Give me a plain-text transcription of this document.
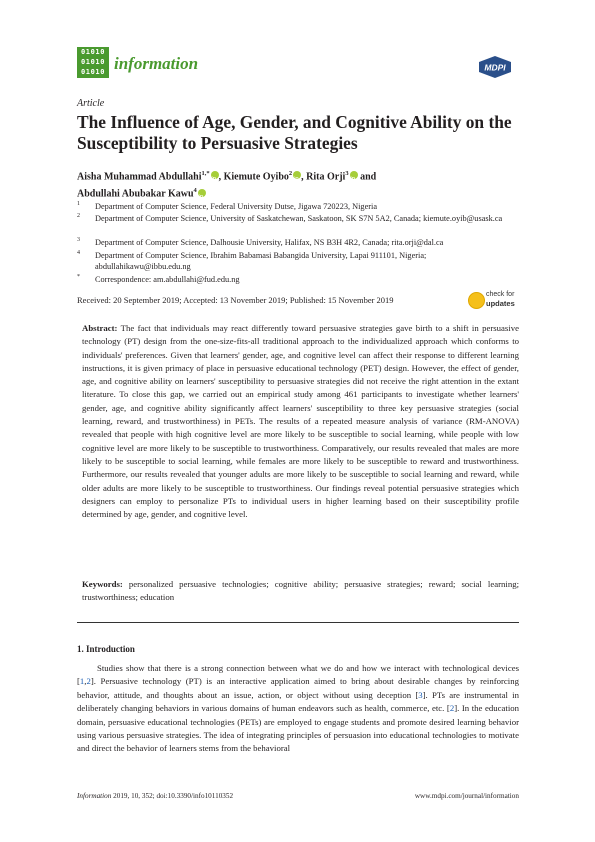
01010
01010
01010 information	MDPI
Article
The Influence of Age, Gender, and Cognitive Ability on the Susceptibility to Persuasive Strategies
Aisha Muhammad Abdullahi$^{1,*}$ iD , Kiemute Oyibo$^2$ iD , Rita Orji$^3$iD and
Abdullahi Abubakar Kawu$^4$iD
1 Department of Computer Science, Federal University Dutse, Jigawa 720223, Nigeria
2 Department of Computer Science, University of Saskatchewan, Saskatoon, SK S7N 5A2, Canada; kiemute.oyib@usask.ca
3 Department of Computer Science, Dalhousie University, Halifax, NS B3H 4R2, Canada; rita.orji@dal.ca
4 Department of Computer Science, Ibrahim Babamasi Babangida University, Lapai 911101, Nigeria; abdullahikawu@ibbu.edu.ng
* Correspondence: am.abdullahi@fud.edu.ng
Received: 20 September 2019; Accepted: 13 November 2019; Published: 15 November 2019
check for
updates
Abstract: The fact that individuals may react differently toward persuasive strategies gave birth to a shift in persuasive technology (PT) design from the one-size-fits-all traditional approach to the individualized approach which conforms to individuals' preferences. Given that learners' gender, age, and cognitive level can affect their response to different learning instructions, it is given primacy of place in persuasive educational technology (PET) design. However, the effect of gender, age, and cognitive ability on learners' susceptibility to persuasive strategies did not receive the right attention in the extant literature. To close this gap, we carried out an empirical study among 461 participants to investigate whether learners' gender, age, and cognitive ability significantly affect learners' susceptibility to three key persuasive strategies (social learning, reward, and trustworthiness) in PETs. The results of a repeated measure analysis of variance (RM-ANOVA) revealed that people with high cognitive level are more likely to be susceptible to social learning, while people with low cognitive level are more likely to be susceptible to trustworthiness. Comparatively, our results revealed that males are more likely to be susceptible to social learning, while females are more likely to be susceptible to reward and trustworthiness. Furthermore, our results revealed that younger adults are more likely to be susceptible to social learning and reward, while older adults are more likely to be susceptible to trustworthiness. Our findings reveal potential persuasive strategies which designers can employ to personalize PTs to individual users in higher learning based on their susceptibility profile determined by age, gender, and cognitive level.
Keywords: personalized persuasive technologies; cognitive ability; persuasive strategies; reward; social learning; trustworthiness; education
1. Introduction
Studies show that there is a strong connection between what we do and how we interact with technological devices [1,2]. Persuasive technology (PT) is an interactive application aimed to bring about desirable changes by reinforcing behavior, attitude, and thoughts about an issue, action, or object without using deception [3]. PTs are instrumental in deliberately changing behaviors in various domains of human endeavors such as health, commerce, etc. [2]. In the education domain, persuasive educational technologies (PETs) are employed to engage students and promote desired learning behavior using various persuasive strategies. The idea of integrating principles of persuasion into educational technologies to motivate and direct the behavior of learners stems from the behavioral
Information 2019, 10, 352; doi:10.3390/info10110352	www.mdpi.com/journal/information
